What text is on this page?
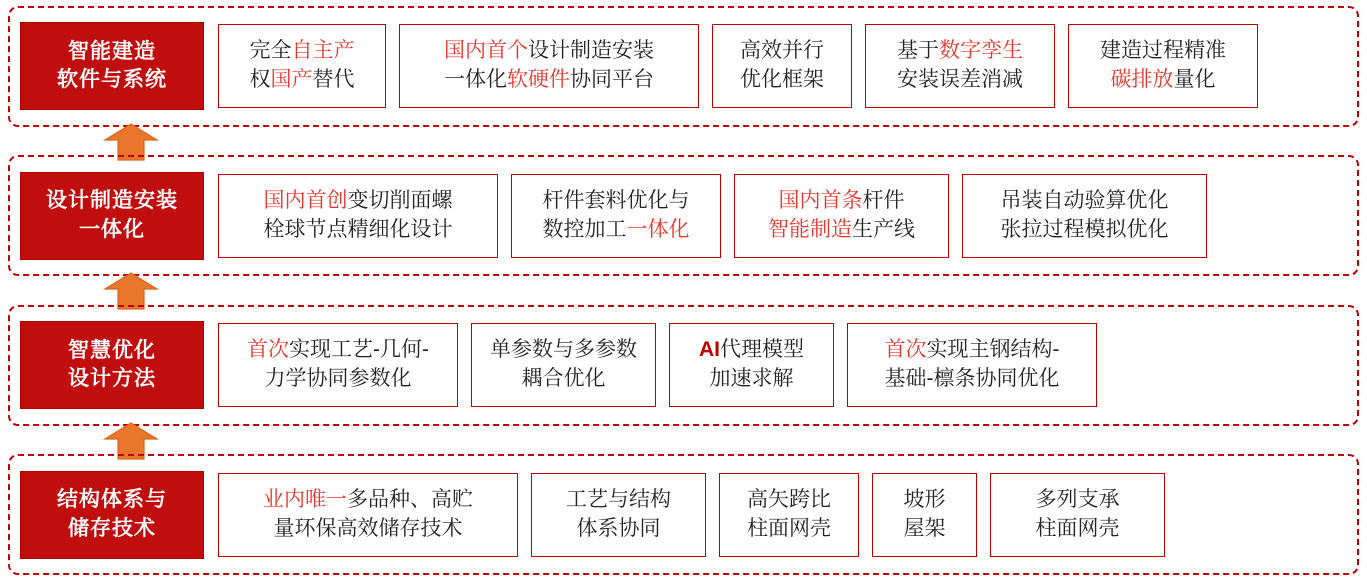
智能建造
软件与系统
完全自主产
权国产替代
国内首个设计制造安装
一体化软硬件协同平台
高效并行
优化框架
基于数字孪生
安装误差消减
建造过程精准
碳排放量化
设计制造安装
一体化
国内首创变切削面螺
栓球节点精细化设计
杆件套料优化与
数控加工一体化
国内首条杆件
智能制造生产线
吊装自动验算优化
张拉过程模拟优化
智慧优化
设计方法
首次实现工艺-几何-
力学协同参数化
单参数与多参数
耦合优化
AI代理模型
加速求解
首次实现主钢结构-
基础-檩条协同优化
结构体系与
储存技术
业内唯一多品种、高贮
量环保高效储存技术
工艺与结构
体系协同
高矢跨比
柱面网壳
坡形
屋架
多列支承
柱面网壳
